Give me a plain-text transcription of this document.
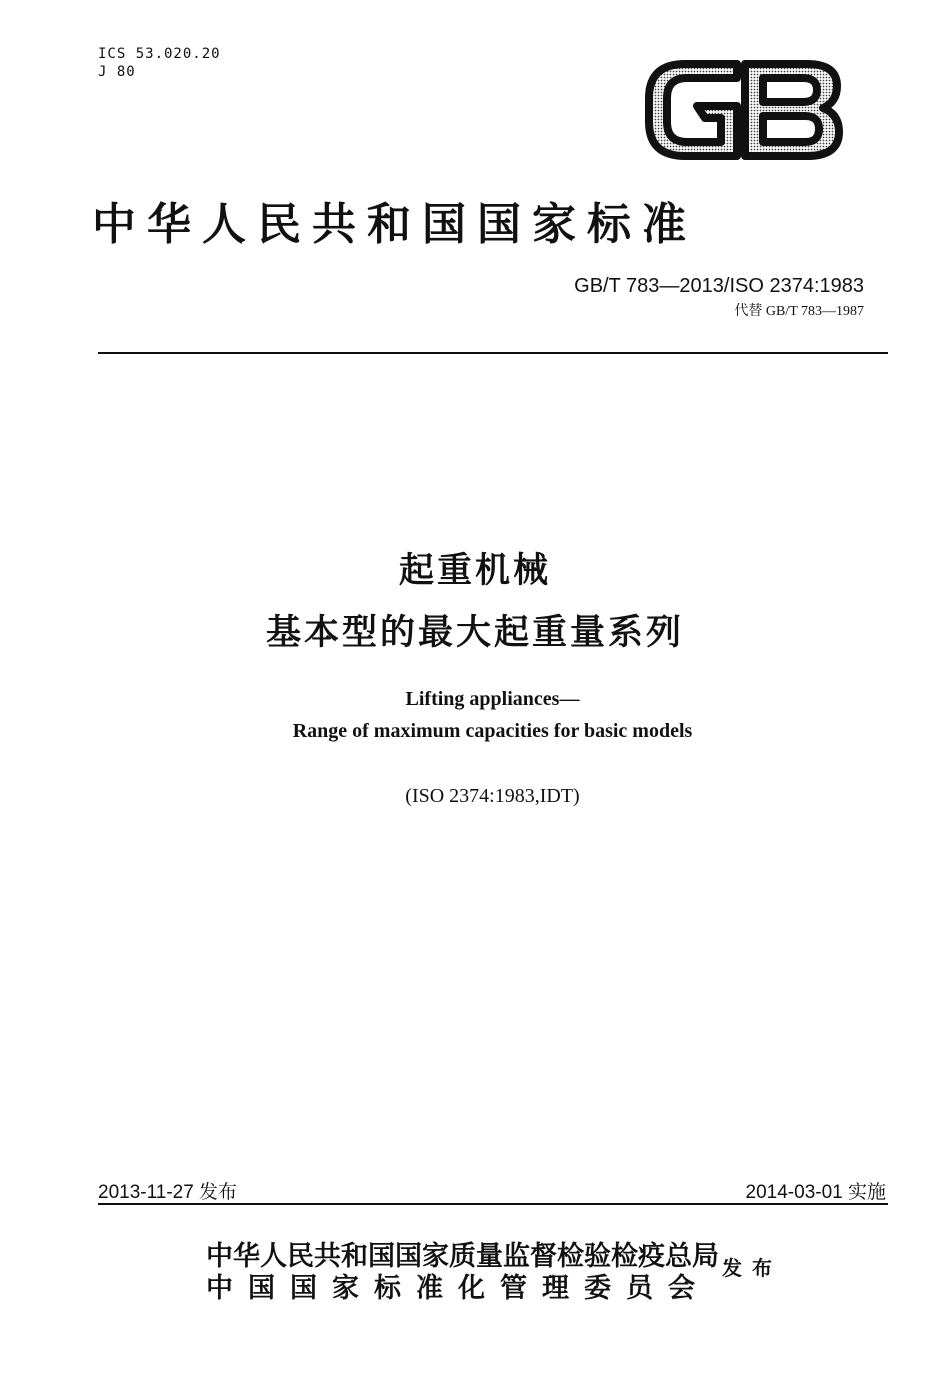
ICS 53.020.20
J 80
GB
中华人民共和国国家标准
GB/T 783—2013/ISO 2374:1983
代替 GB/T 783—1987
起重机械
基本型的最大起重量系列
Lifting appliances—
Range of maximum capacities for basic models
(ISO 2374:1983,IDT)
2013-11-27 发布	2014-03-01 实施
中华人民共和国国家质量监督检验检疫总局
中国国家标准化管理委员会
发布
